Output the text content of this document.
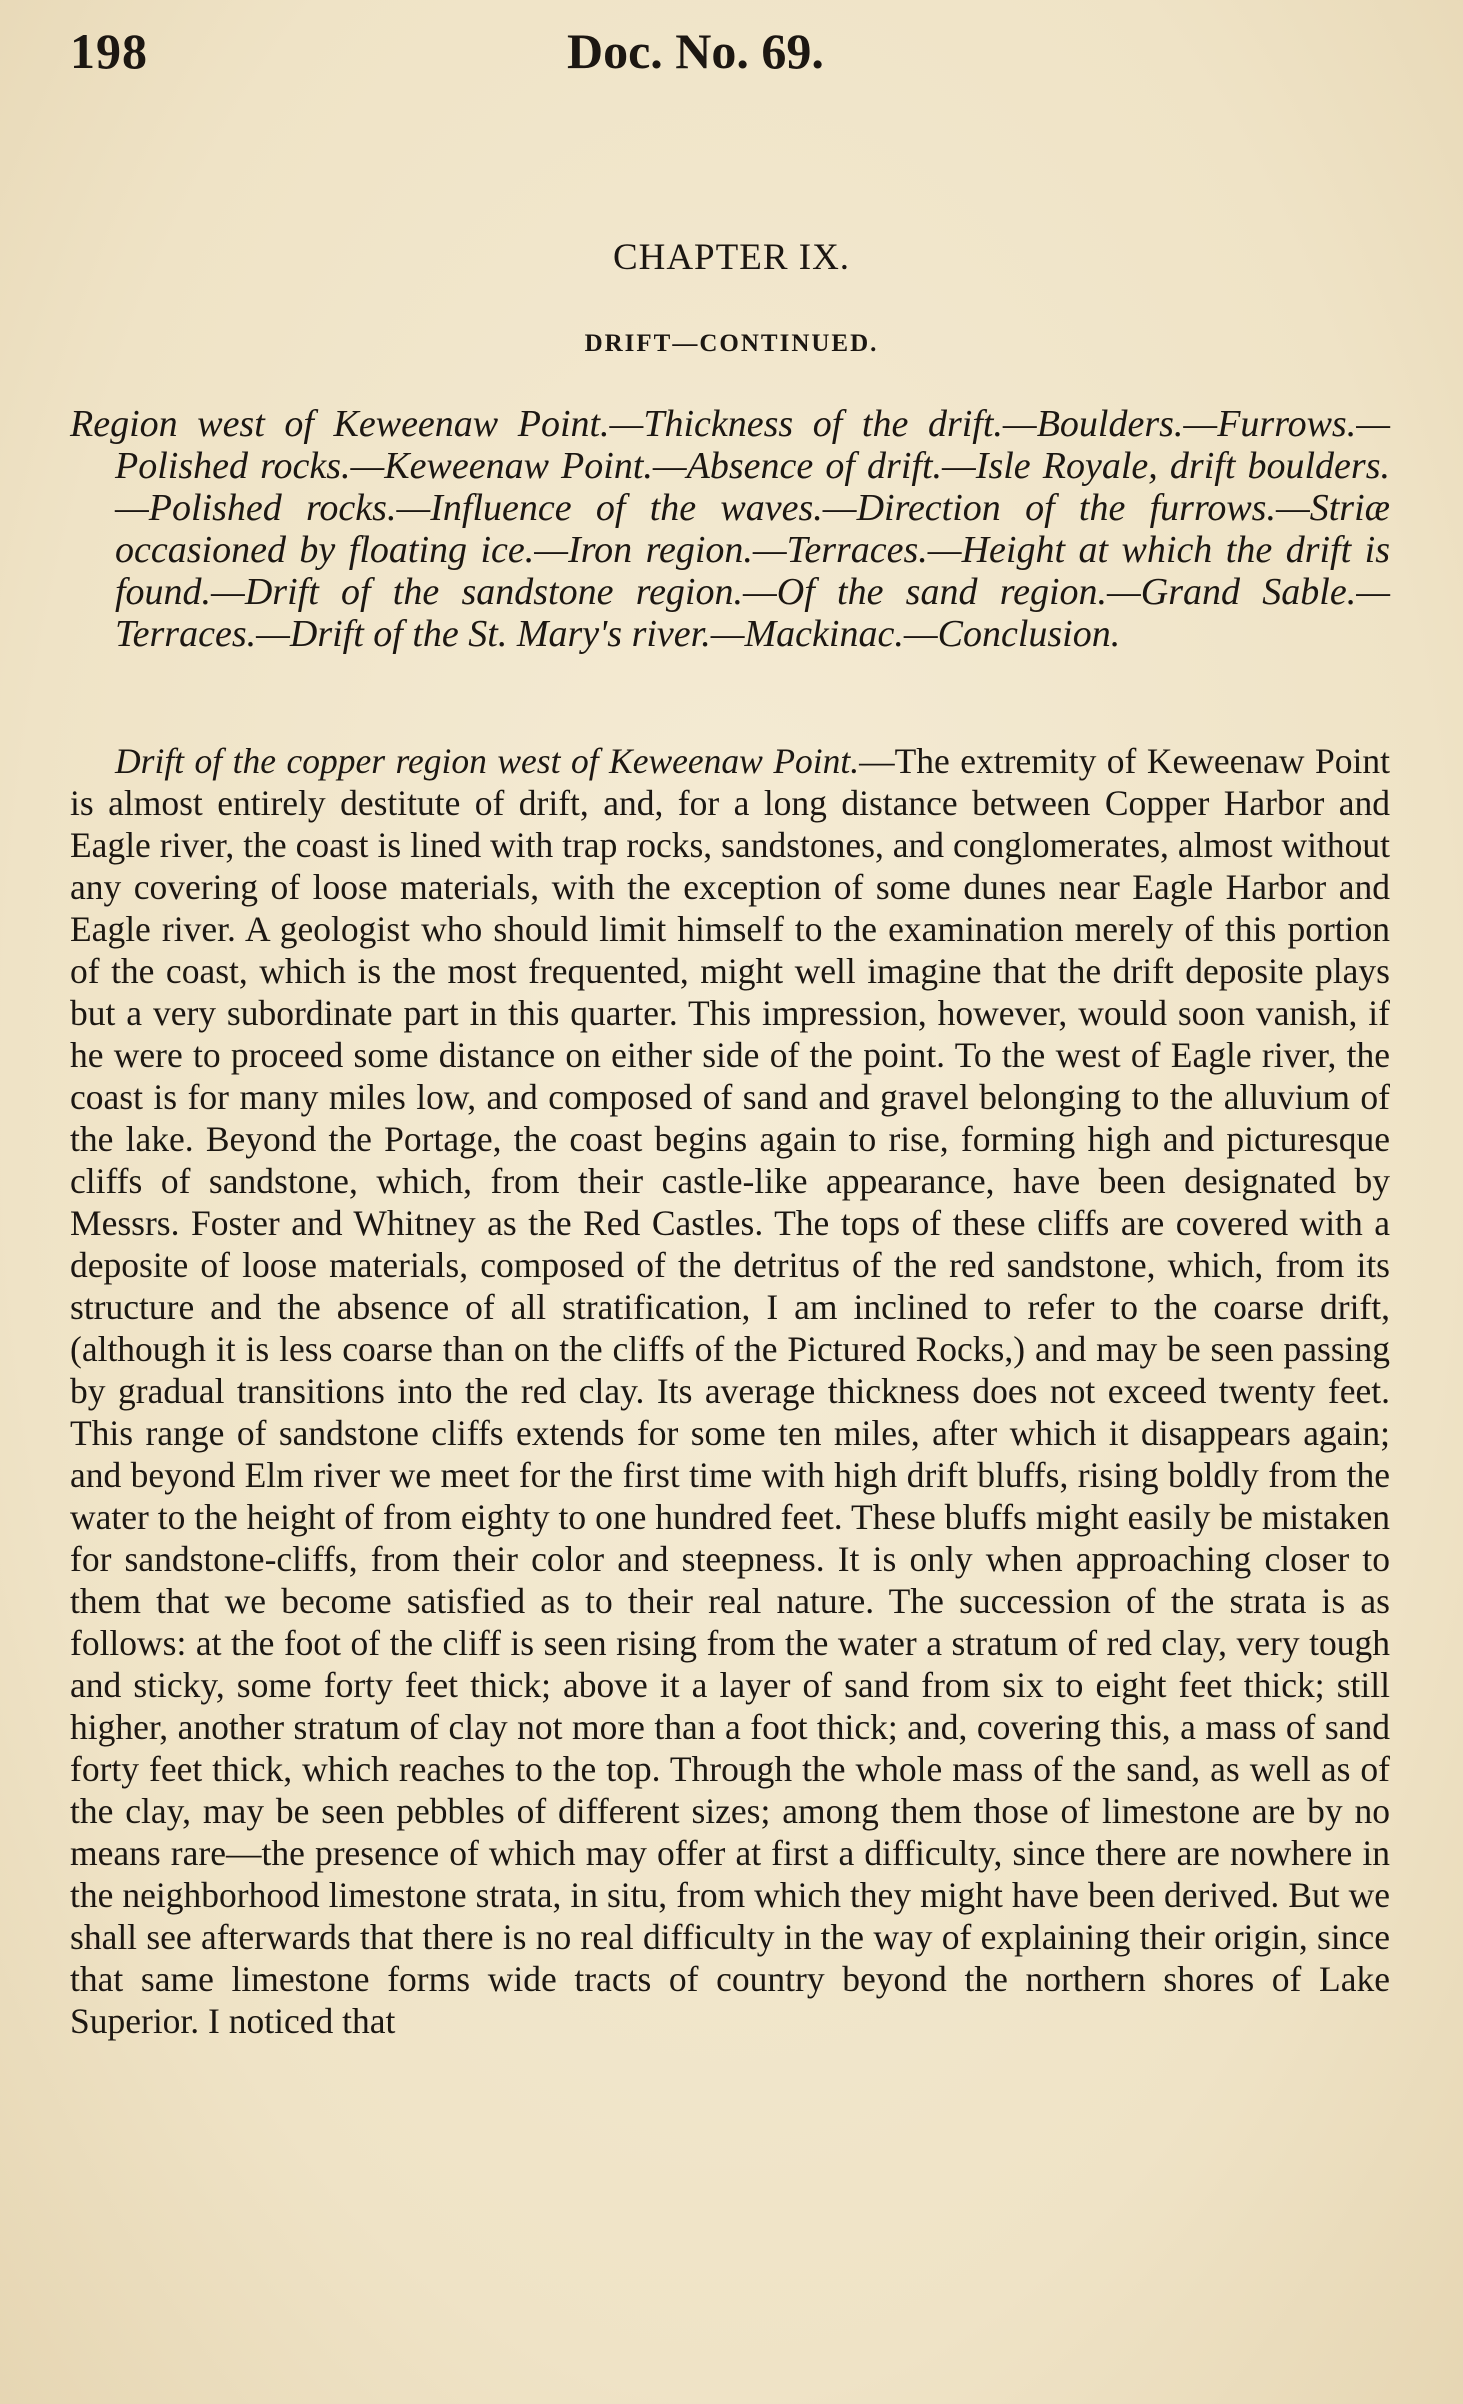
198	Doc. No. 69.
CHAPTER IX.
DRIFT—CONTINUED.
Region west of Keweenaw Point.—Thickness of the drift.—Boulders.—Furrows.—Polished rocks.—Keweenaw Point.—Absence of drift.—Isle Royale, drift boulders.—Polished rocks.—Influence of the waves.—Direction of the furrows.—Striæ occasioned by floating ice.—Iron region.—Terraces.—Height at which the drift is found.—Drift of the sandstone region.—Of the sand region.—Grand Sable.—Terraces.—Drift of the St. Mary's river.—Mackinac.—Conclusion.
Drift of the copper region west of Keweenaw Point.—The extremity of Keweenaw Point is almost entirely destitute of drift, and, for a long distance between Copper Harbor and Eagle river, the coast is lined with trap rocks, sandstones, and conglomerates, almost without any covering of loose materials, with the exception of some dunes near Eagle Harbor and Eagle river. A geologist who should limit himself to the examination merely of this portion of the coast, which is the most frequented, might well imagine that the drift deposite plays but a very subordinate part in this quarter. This impression, however, would soon vanish, if he were to proceed some distance on either side of the point. To the west of Eagle river, the coast is for many miles low, and composed of sand and gravel belonging to the alluvium of the lake. Beyond the Portage, the coast begins again to rise, forming high and picturesque cliffs of sandstone, which, from their castle-like appearance, have been designated by Messrs. Foster and Whitney as the Red Castles. The tops of these cliffs are covered with a deposite of loose materials, composed of the detritus of the red sandstone, which, from its structure and the absence of all stratification, I am inclined to refer to the coarse drift, (although it is less coarse than on the cliffs of the Pictured Rocks,) and may be seen passing by gradual transitions into the red clay. Its average thickness does not exceed twenty feet. This range of sandstone cliffs extends for some ten miles, after which it disappears again; and beyond Elm river we meet for the first time with high drift bluffs, rising boldly from the water to the height of from eighty to one hundred feet. These bluffs might easily be mistaken for sandstone-cliffs, from their color and steepness. It is only when approaching closer to them that we become satisfied as to their real nature. The succession of the strata is as follows: at the foot of the cliff is seen rising from the water a stratum of red clay, very tough and sticky, some forty feet thick; above it a layer of sand from six to eight feet thick; still higher, another stratum of clay not more than a foot thick; and, covering this, a mass of sand forty feet thick, which reaches to the top. Through the whole mass of the sand, as well as of the clay, may be seen pebbles of different sizes; among them those of limestone are by no means rare—the presence of which may offer at first a difficulty, since there are nowhere in the neighborhood limestone strata, in situ, from which they might have been derived. But we shall see afterwards that there is no real difficulty in the way of explaining their origin, since that same limestone forms wide tracts of country beyond the northern shores of Lake Superior. I noticed that
